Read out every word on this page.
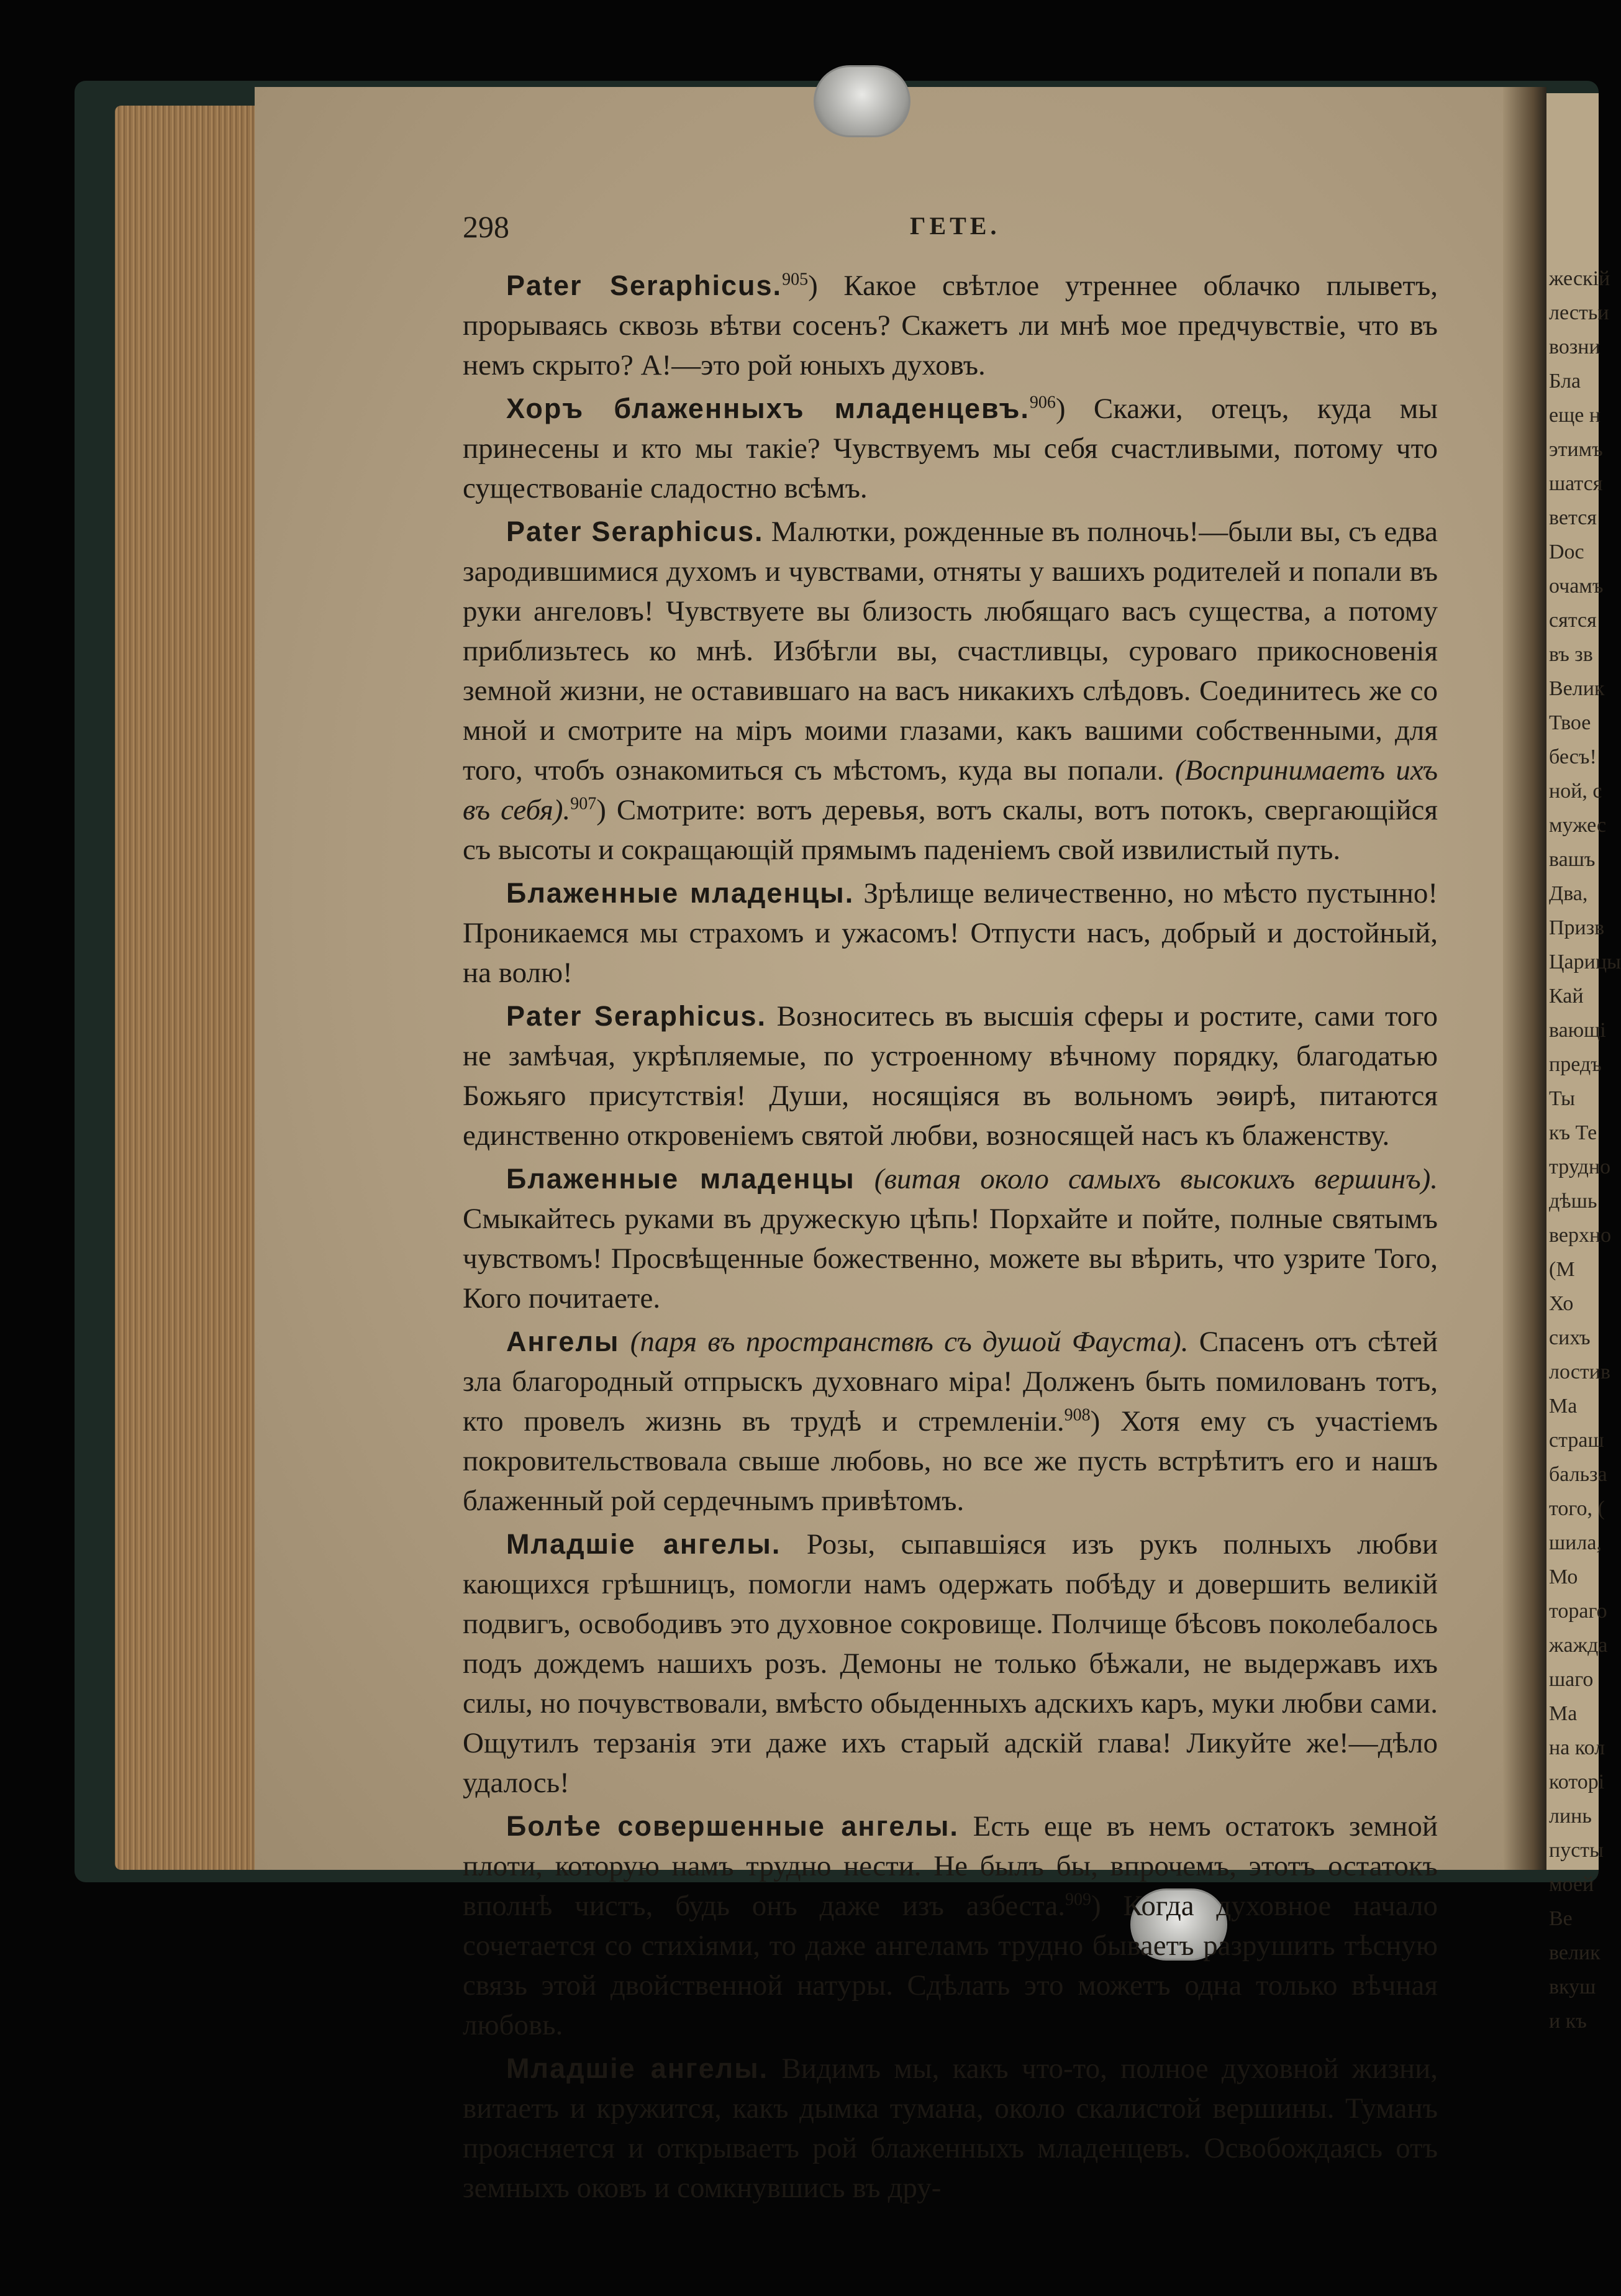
жескій
лестьи
возни
Бла
еще н
этимъ
шатся
вется
Doc
очамъ
сятся
въ зв
Велик
Твое
бесъ!
ной, с
мужес
вашъ
Два,
Призв
Царицы
Кай
вающі
предъ
Ты
къ Те
трудно
дѣшь
верхно
(М
Хо
сихъ
лостив
Ма
страш
бальза
того, (
шила,
Мо
тораго
жажда
шаго
Ма
на кол
которі
линь
пусты
моей
Ве
велик
вкуш
и къ
298	ГЕТЕ.

Pater Seraphicus.$^{905}$) Какое свѣтлое утреннее облачко плыветъ, прорываясь сквозь вѣтви сосенъ? Скажетъ ли мнѣ мое предчувствіе, что въ немъ скрыто? А!—это рой юныхъ духовъ.

Хоръ блаженныхъ младенцевъ.$^{906}$) Скажи, отецъ, куда мы принесены и кто мы такіе? Чувствуемъ мы себя счастливыми, потому что существованіе сладостно всѣмъ.

Pater Seraphicus. Малютки, рожденные въ полночь!—были вы, съ едва зародившимися духомъ и чувствами, отняты у вашихъ родителей и попали въ руки ангеловъ! Чувствуете вы близость любящаго васъ существа, а потому приблизьтесь ко мнѣ. Избѣгли вы, счастливцы, суроваго прикосновенія земной жизни, не оставившаго на васъ никакихъ слѣдовъ. Соединитесь же со мной и смотрите на міръ моими глазами, какъ вашими собственными, для того, чтобъ ознакомиться съ мѣстомъ, куда вы попали. (Воспринимаетъ ихъ въ себя).$^{907}$) Смотрите: вотъ деревья, вотъ скалы, вотъ потокъ, свергающійся съ высоты и сокращающій прямымъ паденіемъ свой извилистый путь.

Блаженные младенцы. Зрѣлище величественно, но мѣсто пустынно! Проникаемся мы страхомъ и ужасомъ! Отпусти насъ, добрый и достойный, на волю!

Pater Seraphicus. Возноситесь въ высшія сферы и ростите, сами того не замѣчая, укрѣпляемые, по устроенному вѣчному порядку, благодатью Божьяго присутствія! Души, носящіяся въ вольномъ эѳирѣ, питаются единственно откровеніемъ святой любви, возносящей насъ къ блаженству.

Блаженные младенцы (витая около самыхъ высокихъ вершинъ). Смыкайтесь руками въ дружескую цѣпь! Порхайте и пойте, полные святымъ чувствомъ! Просвѣщенные божественно, можете вы вѣрить, что узрите Того, Кого почитаете.

Ангелы (паря въ пространствѣ съ душой Фауста). Спасенъ отъ сѣтей зла благородный отпрыскъ духовнаго міра! Долженъ быть помилованъ тотъ, кто провелъ жизнь въ трудѣ и стремленіи.$^{908}$) Хотя ему съ участіемъ покровительствовала свыше любовь, но все же пусть встрѣтитъ его и нашъ блаженный рой сердечнымъ привѣтомъ.

Младшіе ангелы. Розы, сыпавшіяся изъ рукъ полныхъ любви кающихся грѣшницъ, помогли намъ одержать побѣду и довершить великій подвигъ, освободивъ это духовное сокровище. Полчище бѣсовъ поколебалось подъ дождемъ нашихъ розъ. Демоны не только бѣжали, не выдержавъ ихъ силы, но почувствовали, вмѣсто обыденныхъ адскихъ каръ, муки любви сами. Ощутилъ терзанія эти даже ихъ старый адскій глава! Ликуйте же!—дѣло удалось!

Болѣе совершенные ангелы. Есть еще въ немъ остатокъ земной плоти, которую намъ трудно нести. Не былъ бы, впрочемъ, этотъ остатокъ вполнѣ чистъ, будь онъ даже изъ азбеста.$^{909}$) Когда духовное начало сочетается со стихіями, то даже ангеламъ трудно бываетъ разрушить тѣсную связь этой двойственной натуры. Сдѣлать это можетъ одна только вѣчная любовь.

Младшіе ангелы. Видимъ мы, какъ что-то, полное духовной жизни, витаетъ и кружится, какъ дымка тумана, около скалистой вершины. Туманъ проясняется и открываетъ рой блаженныхъ младенцевъ. Освобождаясь отъ земныхъ оковъ и сомкнувшись въ дру-
